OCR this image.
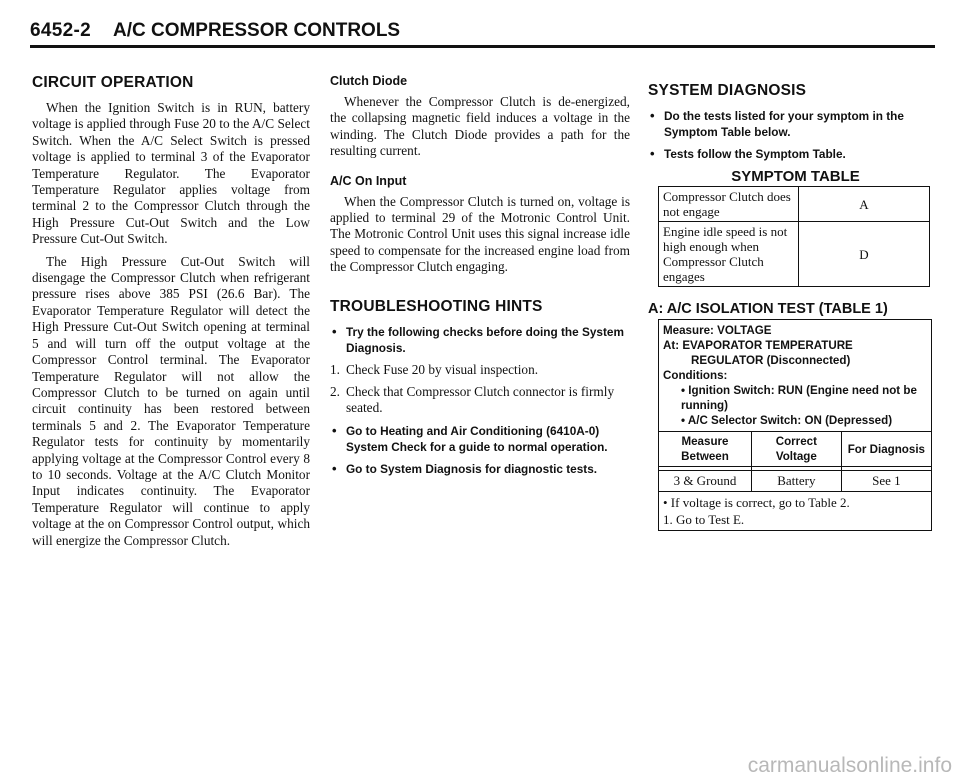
6452-2 A/C COMPRESSOR CONTROLS
CIRCUIT OPERATION

When the Ignition Switch is in RUN, battery voltage is applied through Fuse 20 to the A/C Select Switch. When the A/C Select Switch is pressed voltage is applied to terminal 3 of the Evaporator Temperature Regulator. The Evaporator Temperature Regulator applies voltage from terminal 2 to the Compressor Clutch through the High Pressure Cut-Out Switch and the Low Pressure Cut-Out Switch.

The High Pressure Cut-Out Switch will disengage the Compressor Clutch when refrigerant pressure rises above 385 PSI (26.6 Bar). The Evaporator Temperature Regulator will detect the High Pressure Cut-Out Switch opening at terminal 5 and will turn off the output voltage at the Compressor Control terminal. The Evaporator Temperature Regulator will not allow the Compressor Clutch to be turned on again until circuit continuity has been restored between terminals 5 and 2. The Evaporator Temperature Regulator tests for continuity by momentarily applying voltage at the Compressor Control every 8 to 10 seconds. Voltage at the A/C Clutch Monitor Input indicates continuity. The Evaporator Temperature Regulator will continue to apply voltage at the on Compressor Control output, which will energize the Compressor Clutch.

Clutch Diode

Whenever the Compressor Clutch is de-energized, the collapsing magnetic field induces a voltage in the winding. The Clutch Diode provides a path for the resulting current.

A/C On Input

When the Compressor Clutch is turned on, voltage is applied to terminal 29 of the Motronic Control Unit. The Motronic Control Unit uses this signal increase idle speed to compensate for the increased engine load from the Compressor Clutch engaging.

TROUBLESHOOTING HINTS
• Try the following checks before doing the System Diagnosis.
1. Check Fuse 20 by visual inspection.
2. Check that Compressor Clutch connector is firmly seated.
• Go to Heating and Air Conditioning (6410A-0) System Check for a guide to normal operation.
• Go to System Diagnosis for diagnostic tests.
SYSTEM DIAGNOSIS
• Do the tests listed for your symptom in the Symptom Table below.
• Tests follow the Symptom Table.
SYMPTOM TABLE
Compressor Clutch does not engage	A
Engine idle speed is not high enough when Compressor Clutch engages	D
A: A/C ISOLATION TEST (TABLE 1)
Measure: VOLTAGE
At: EVAPORATOR TEMPERATURE
REGULATOR (Disconnected)
Conditions:
• Ignition Switch: RUN (Engine need not be running)
• A/C Selector Switch: ON (Depressed)
Measure Between	Correct Voltage	For Diagnosis

3 & Ground	Battery	See 1
• If voltage is correct, go to Table 2.
1. Go to Test E.
carmanualsonline.info
